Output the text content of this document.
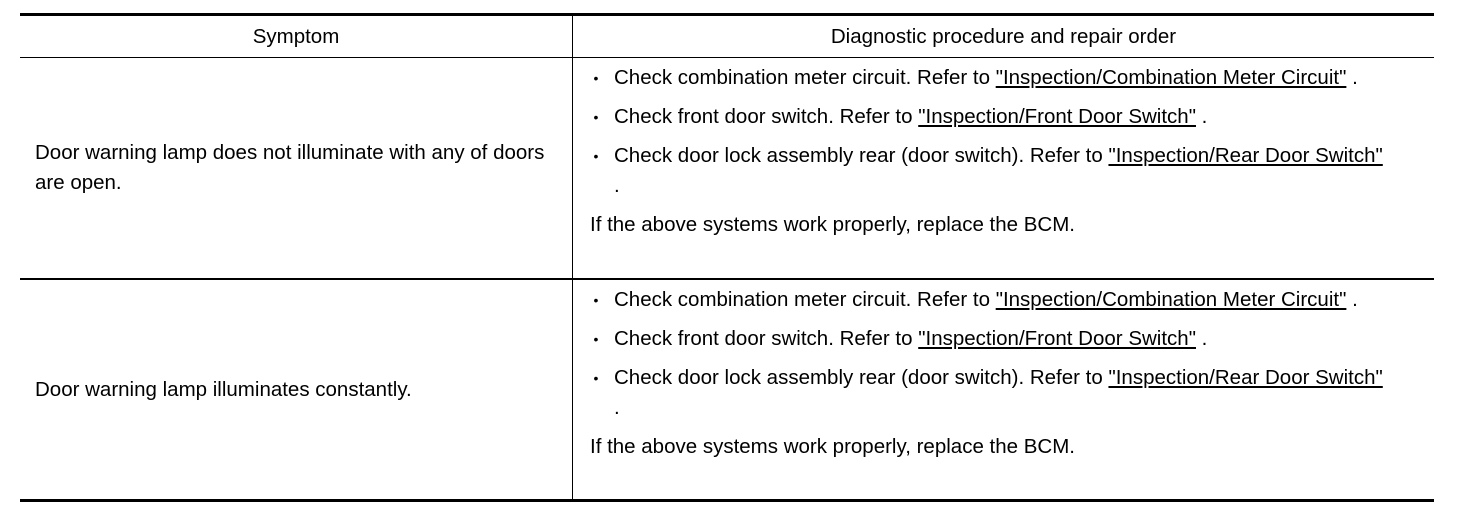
Symptom	Diagnostic procedure and repair order
Door warning lamp does not illuminate with any of doors are open.
• Check combination meter circuit. Refer to "Inspection/Combination Meter Circuit" .
• Check front door switch. Refer to "Inspection/Front Door Switch" .
• Check door lock assembly rear (door switch). Refer to "Inspection/Rear Door Switch" .
If the above systems work properly, replace the BCM.
Door warning lamp illuminates constantly.
• Check combination meter circuit. Refer to "Inspection/Combination Meter Circuit" .
• Check front door switch. Refer to "Inspection/Front Door Switch" .
• Check door lock assembly rear (door switch). Refer to "Inspection/Rear Door Switch" .
If the above systems work properly, replace the BCM.
